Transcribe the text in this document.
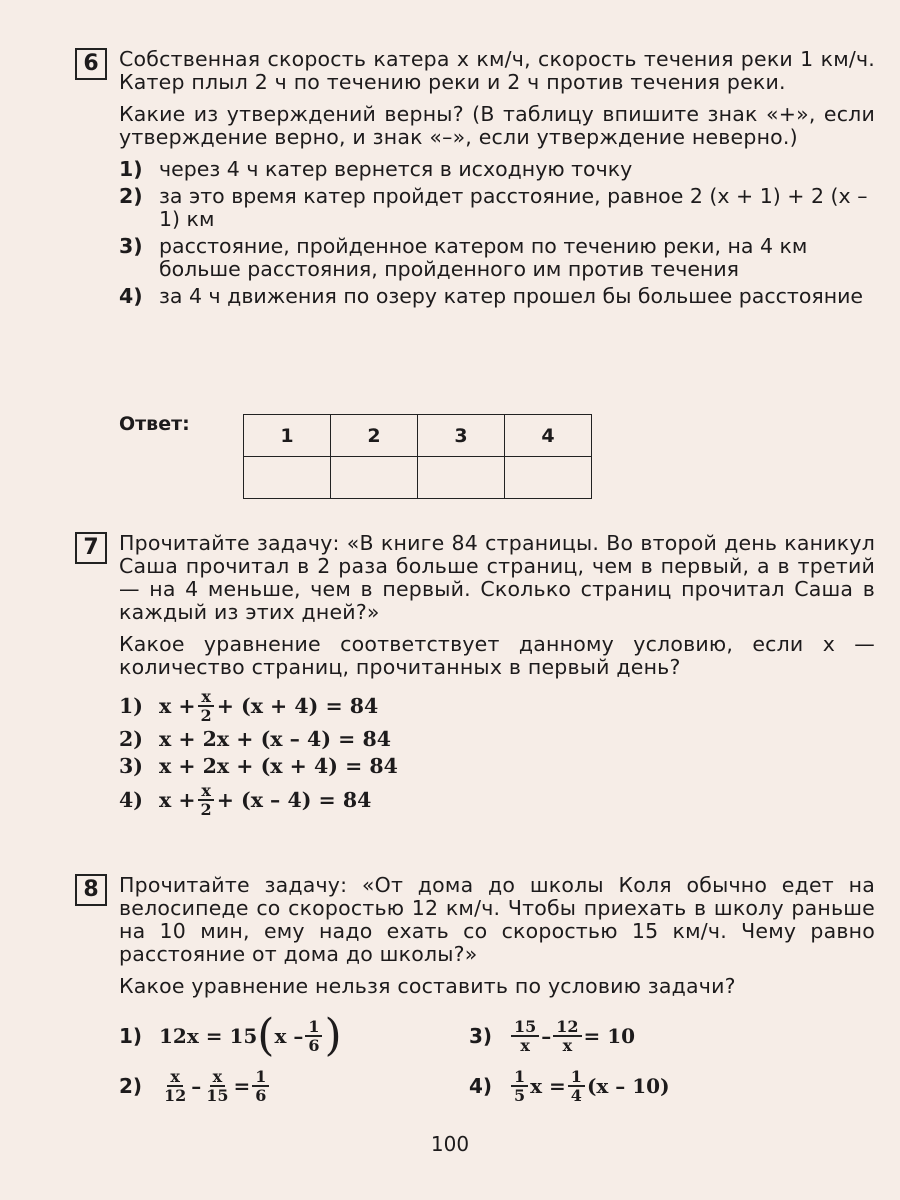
6 Собственная скорость катера x км/ч, скорость течения реки 1 км/ч. Катер плыл 2 ч по течению реки и 2 ч против течения реки.

Какие из утверждений верны? (В таблицу впишите знак «+», если утверждение верно, и знак «–», если утверждение неверно.)

1) через 4 ч катер вернется в исходную точку
2) за это время катер пройдет расстояние, равное 2 (x + 1) + 2 (x – 1) км
3) расстояние, пройденное катером по течению реки, на 4 км больше расстояния, пройденного им против течения
4) за 4 ч движения по озеру катер прошел бы большее расстояние
Ответ:
1	2	3	4

7 Прочитайте задачу: «В книге 84 страницы. Во второй день каникул Саша прочитал в 2 раза больше страниц, чем в первый, а в третий — на 4 меньше, чем в первый. Сколько страниц прочитал Саша в каждый из этих дней?»

Какое уравнение соответствует данному условию, если x — количество страниц, прочитанных в первый день?

1) $x + \frac{x}{2} + (x + 4) = 84$
2) x + 2x + (x – 4) = 84
3) x + 2x + (x + 4) = 84
4) $x + \frac{x}{2} + (x - 4) = 84$
8 Прочитайте задачу: «От дома до школы Коля обычно едет на велосипеде со скоростью 12 км/ч. Чтобы приехать в школу раньше на 10 мин, ему надо ехать со скоростью 15 км/ч. Чему равно расстояние от дома до школы?»

Какое уравнение нельзя составить по условию задачи?

1) 12x = 15 ( x – $\frac{1}{6}$ )	3)	$\frac{15}{x} - \frac{12}{x} = 10$
2)	$\frac{x}{12} - \frac{x}{15} = \frac{1}{6}$	4)	$\frac{1}{5}$ $x = \frac{1}{4} (x - 10)$
100
